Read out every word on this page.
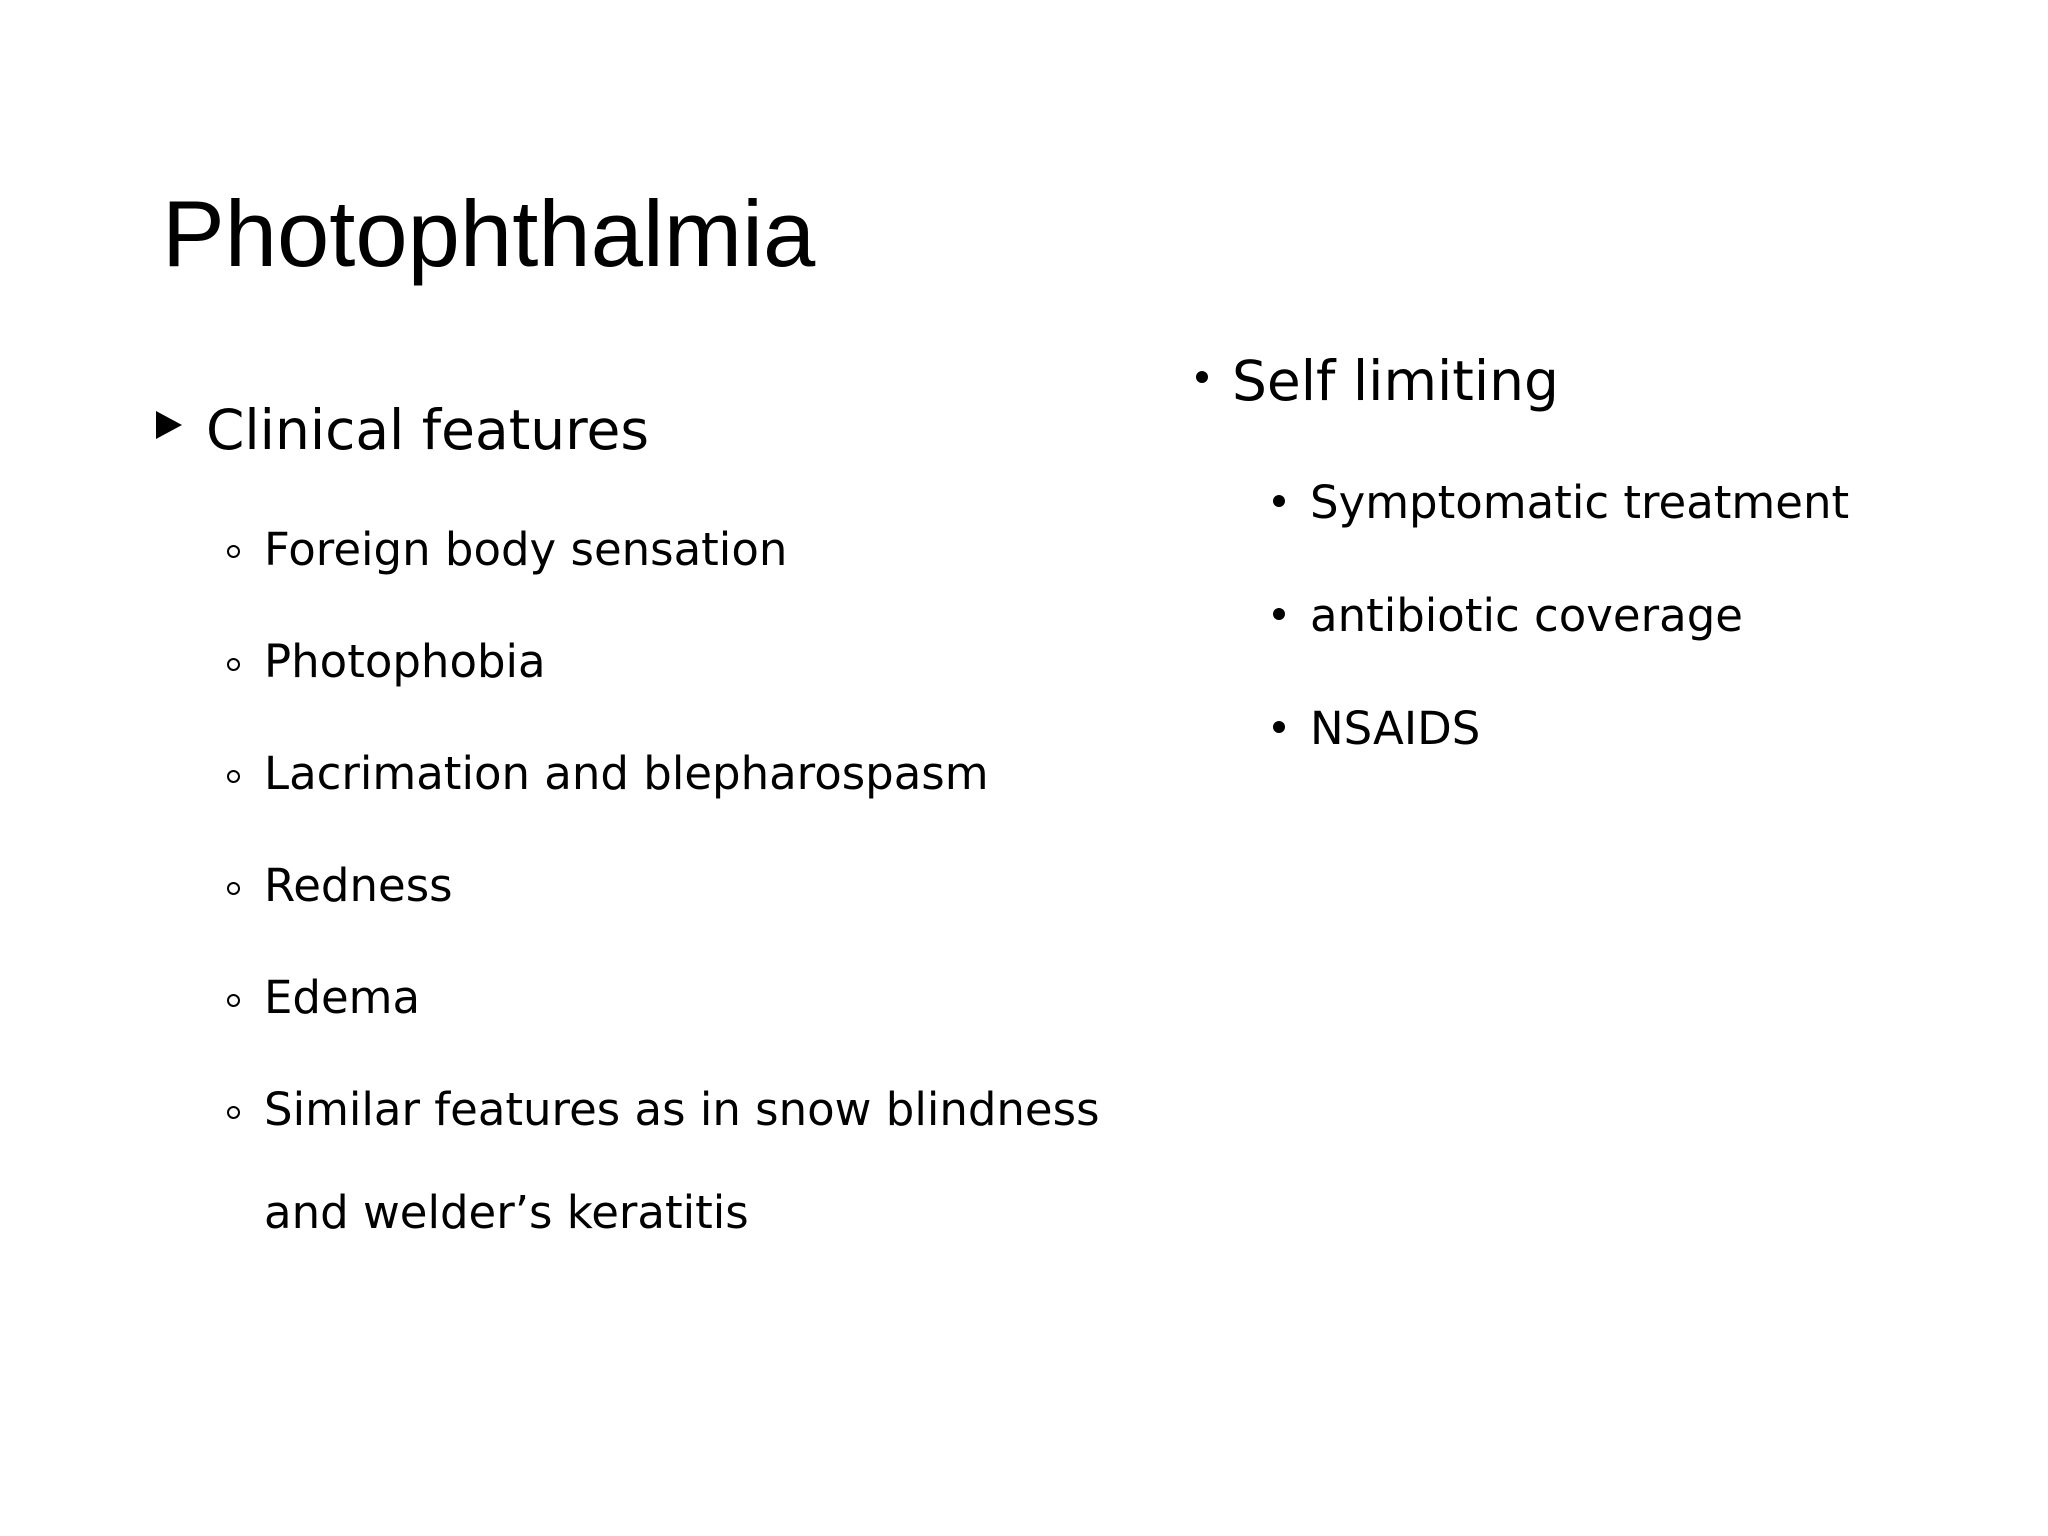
Photophthalmia
Clinical features
Foreign body sensation
Photophobia
Lacrimation and blepharospasm
Redness
Edema
Similar features as in snow blindness
and welder’s keratitis
Self limiting
Symptomatic treatment
antibiotic coverage
NSAIDS
